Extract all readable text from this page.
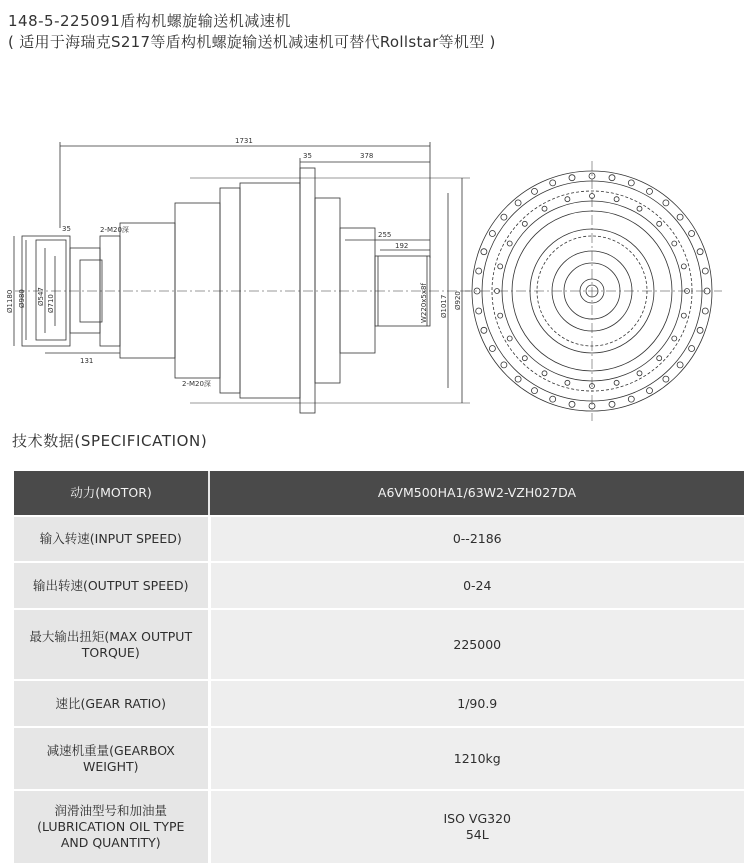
148-5-225091盾构机螺旋输送机减速机
( 适用于海瑞克S217等盾构机螺旋输送机减速机可替代Rollstar等机型 )
1731
35	378
35
255
192
131
2-M20深
2-M20深
Ø1180 Ø980 Ø547 Ø710	Ø1017 Ø920
W220x5x8f
技术数据(SPECIFICATION)
动力(MOTOR)	A6VM500HA1/63W2-VZH027DA
输入转速(INPUT SPEED)	0--2186
输出转速(OUTPUT SPEED)	0-24
最大输出扭矩(MAX OUTPUT
TORQUE)	225000
速比(GEAR RATIO)	1/90.9
减速机重量(GEARBOX
WEIGHT)	1210kg
润滑油型号和加油量
(LUBRICATION OIL TYPE
AND QUANTITY)	ISO VG320
54L
